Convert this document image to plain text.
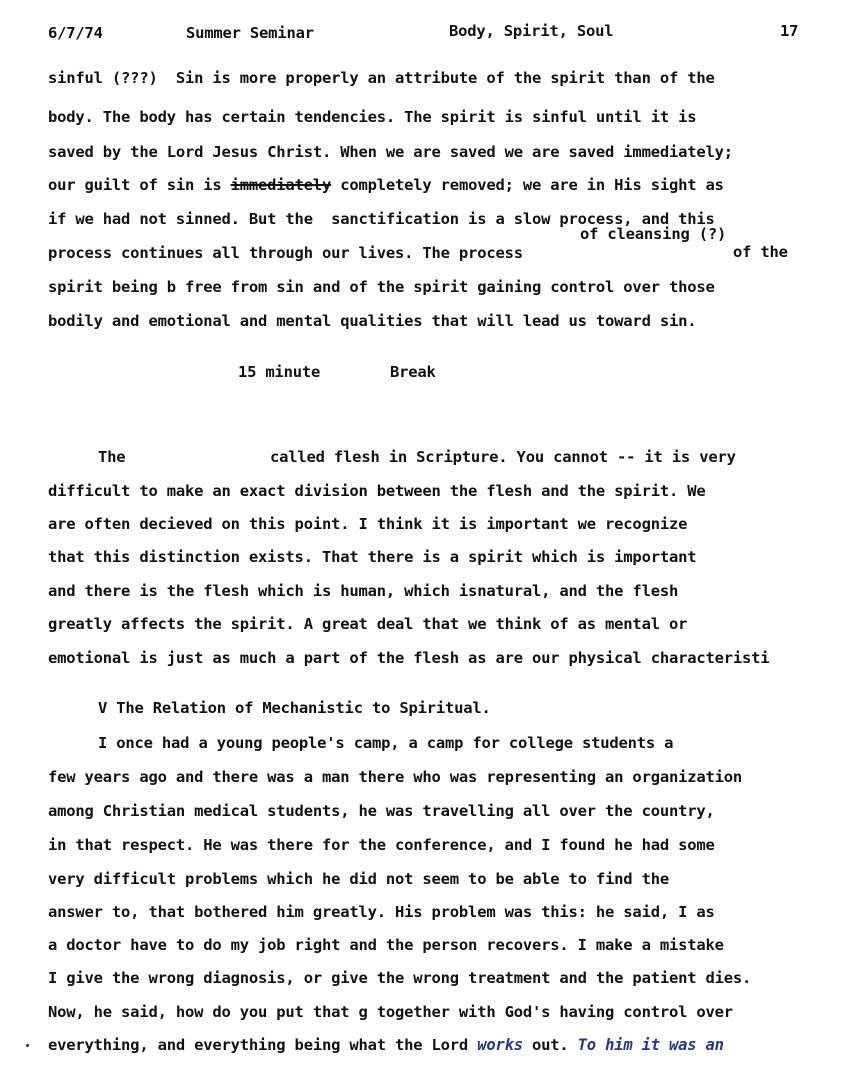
6/7/74	Summer Seminar	Body, Spirit, Soul	17
sinful (???)  Sin is more properly an attribute of the spirit than of the
body. The body has certain tendencies. The spirit is sinful until it is
saved by the Lord Jesus Christ. When we are saved we are saved immediately;
our guilt of sin is immediately completely removed; we are in His sight as
if we had not sinned. But the  sanctification is a slow process, and this
of cleansing (?)
process continues all through our lives. The process	of the
spirit being b free from sin and of the spirit gaining control over those
bodily and emotional and mental qualities that will lead us toward sin.
15 minute	Break
The	called flesh in Scripture. You cannot -- it is very
difficult to make an exact division between the flesh and the spirit. We
are often decieved on this point. I think it is important we recognize
that this distinction exists. That there is a spirit which is important
and there is the flesh which is human, which isnatural, and the flesh
greatly affects the spirit. A great deal that we think of as mental or
emotional is just as much a part of the flesh as are our physical characteristi
V The Relation of Mechanistic to Spiritual.
I once had a young people's camp, a camp for college students a
few years ago and there was a man there who was representing an organization
among Christian medical students, he was travelling all over the country,
in that respect. He was there for the conference, and I found he had some
very difficult problems which he did not seem to be able to find the
answer to, that bothered him greatly. His problem was this: he said, I as
a doctor have to do my job right and the person recovers. I make a mistake
I give the wrong diagnosis, or give the wrong treatment and the patient dies.
Now, he said, how do you put that g together with God's having control over
everything, and everything being what the Lord works out. To him it was an
